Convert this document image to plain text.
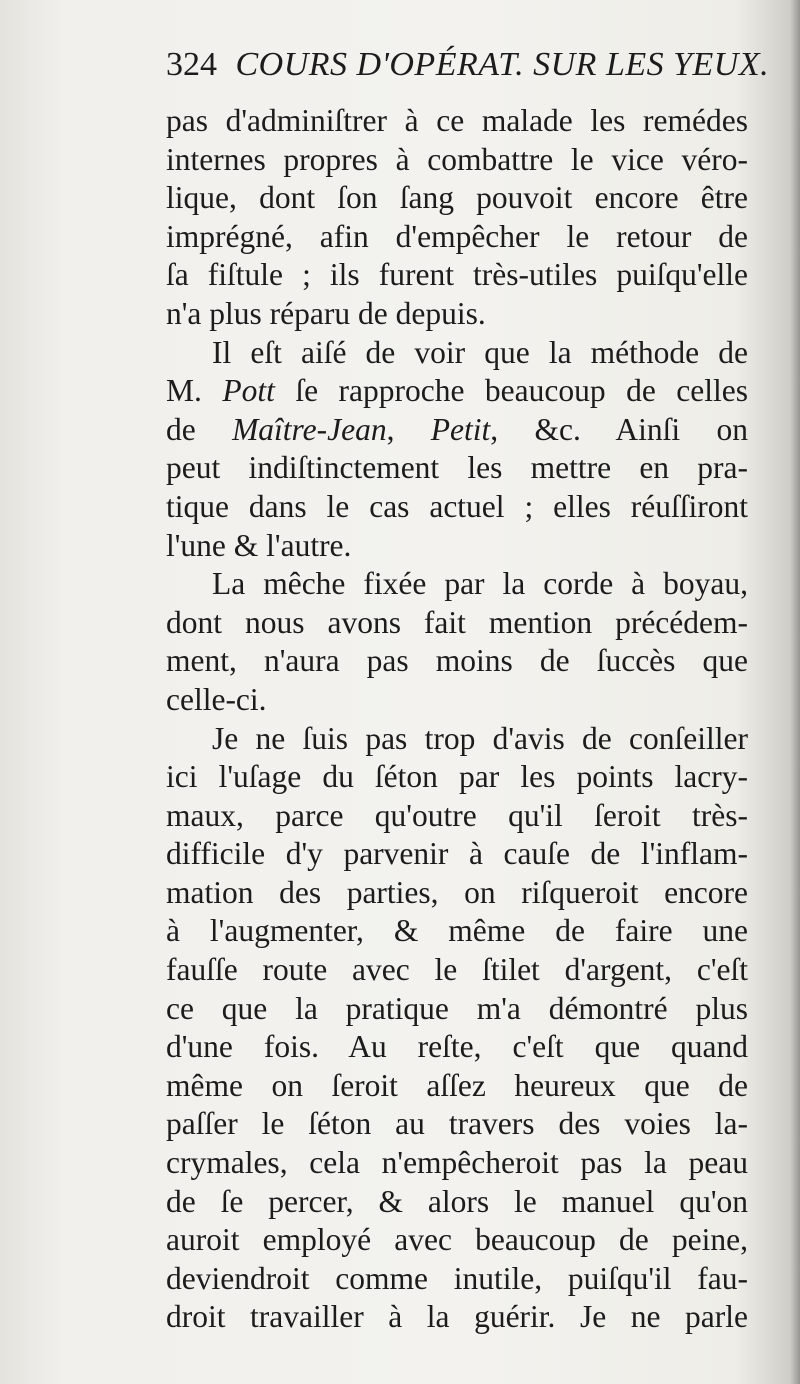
324 COURS D'OPÉRAT. SUR LES YEUX.
pas d'adminiſtrer à ce malade les remédes
internes propres à combattre le vice véro-
lique, dont ſon ſang pouvoit encore être
imprégné, afin d'empêcher le retour de
ſa fiſtule ; ils furent très-utiles puiſqu'elle
n'a plus réparu de depuis.
Il eſt aiſé de voir que la méthode de
M. Pott ſe rapproche beaucoup de celles
de Maître-Jean, Petit, &c. Ainſi on
peut indiſtinctement les mettre en pra-
tique dans le cas actuel ; elles réuſſiront
l'une & l'autre.
La mêche fixée par la corde à boyau,
dont nous avons fait mention précédem-
ment, n'aura pas moins de ſuccès que
celle-ci.
Je ne ſuis pas trop d'avis de conſeiller
ici l'uſage du ſéton par les points lacry-
maux, parce qu'outre qu'il ſeroit très-
difficile d'y parvenir à cauſe de l'inflam-
mation des parties, on riſqueroit encore
à l'augmenter, & même de faire une
fauſſe route avec le ſtilet d'argent, c'eſt
ce que la pratique m'a démontré plus
d'une fois. Au reſte, c'eſt que quand
même on ſeroit aſſez heureux que de
paſſer le ſéton au travers des voies la-
crymales, cela n'empêcheroit pas la peau
de ſe percer, & alors le manuel qu'on
auroit employé avec beaucoup de peine,
deviendroit comme inutile, puiſqu'il fau-
droit travailler à la guérir. Je ne parle
